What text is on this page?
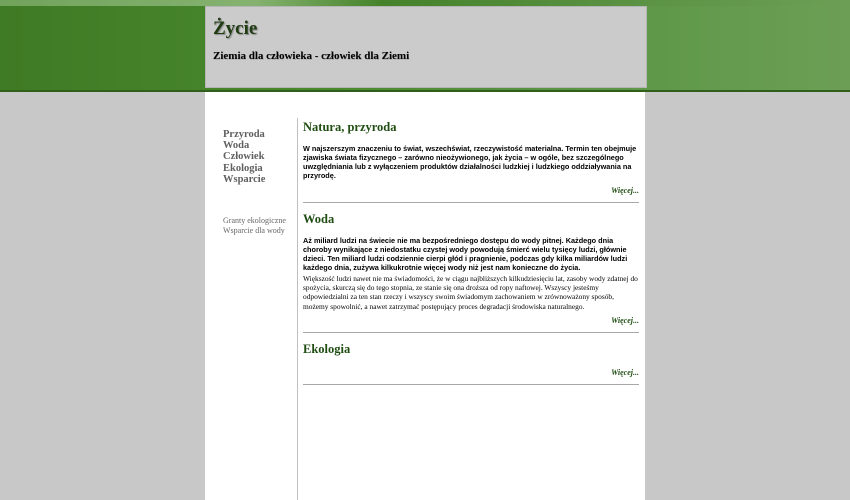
Życie

Ziemia dla człowieka - człowiek dla Ziemi

Przyroda
Woda
Człowiek
Ekologia
Wsparcie
Granty ekologiczne
Wsparcie dla wody
Natura, przyroda

W najszerszym znaczeniu to świat, wszechświat, rzeczywistość materialna. Termin ten obejmuje zjawiska świata fizycznego – zarówno nieożywionego, jak życia – w ogóle, bez szczególnego uwzględniania lub z wyłączeniem produktów działalności ludzkiej i ludzkiego oddziaływania na przyrodę.

Więcej...
Woda

Aż miliard ludzi na świecie nie ma bezpośredniego dostępu do wody pitnej. Każdego dnia choroby wynikające z niedostatku czystej wody powodują śmierć wielu tysięcy ludzi, głównie dzieci. Ten miliard ludzi codziennie cierpi głód i pragnienie, podczas gdy kilka miliardów ludzi każdego dnia, zużywa kilkukrotnie więcej wody niż jest nam konieczne do życia.

Większość ludzi nawet nie ma świadomości, że w ciągu najbliższych kilkudziesięciu lat, zasoby wody zdatnej do spożycia, skurczą się do tego stopnia, ze stanie się ona droższa od ropy naftowej. Wszyscy jesteśmy odpowiedzialni za ten stan rzeczy i wszyscy swoim świadomym zachowaniem w zrównoważony sposób, możemy spowolnić, a nawet zatrzymać postępujący proces degradacji środowiska naturalnego.

Więcej...
Ekologia
Więcej...
